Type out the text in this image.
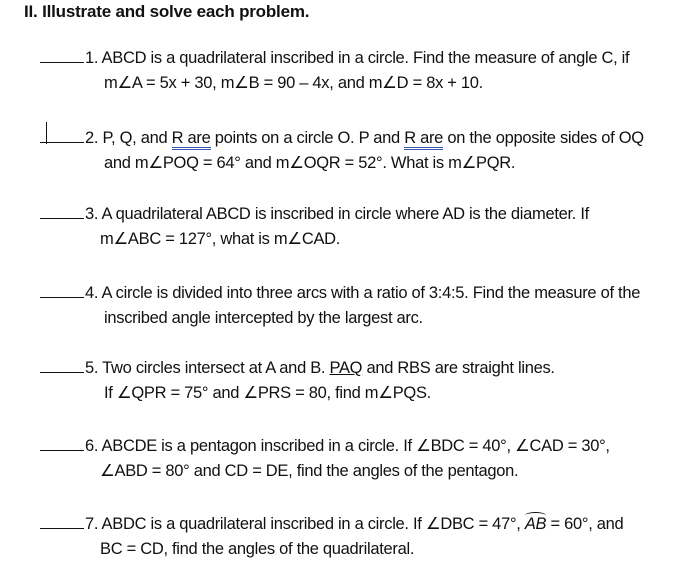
II. Illustrate and solve each problem.
1. ABCD is a quadrilateral inscribed in a circle. Find the measure of angle C, if
m∠A = 5x + 30, m∠B = 90 – 4x, and m∠D = 8x + 10.
2. P, Q, and R are points on a circle O. P and R are on the opposite sides of OQ
and m∠POQ = 64° and m∠OQR = 52°. What is m∠PQR.
3. A quadrilateral ABCD is inscribed in circle where AD is the diameter. If
m∠ABC = 127°, what is m∠CAD.
4. A circle is divided into three arcs with a ratio of 3:4:5. Find the measure of the
inscribed angle intercepted by the largest arc.
5. Two circles intersect at A and B. PAQ and RBS are straight lines.
If ∠QPR = 75° and ∠PRS = 80, find m∠PQS.
6. ABCDE is a pentagon inscribed in a circle. If ∠BDC = 40°, ∠CAD = 30°,
∠ABD = 80° and CD = DE, find the angles of the pentagon.
7. ABDC is a quadrilateral inscribed in a circle. If ∠DBC = 47°, AB = 60°, and
BC = CD, find the angles of the quadrilateral.
